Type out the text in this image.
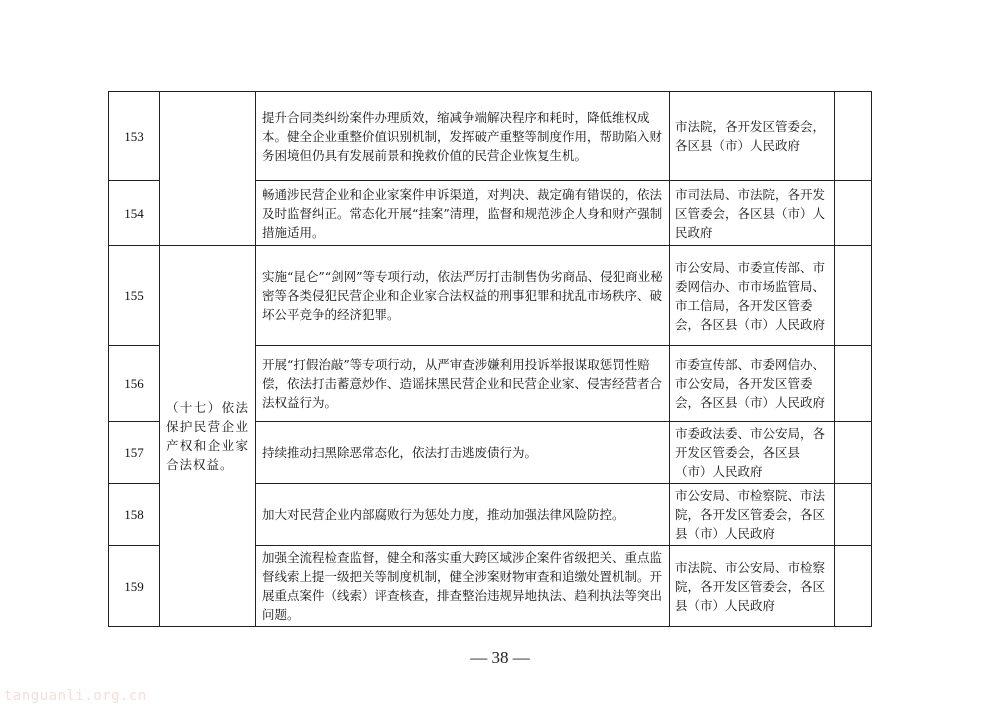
153		提升合同类纠纷案件办理质效，缩减争端解决程序和耗时，降低维权成本。健全企业重整价值识别机制，发挥破产重整等制度作用，帮助陷入财务困境但仍具有发展前景和挽救价值的民营企业恢复生机。	市法院，各开发区管委会，各区县（市）人民政府	
154		畅通涉民营企业和企业家案件申诉渠道，对判决、裁定确有错误的，依法及时监督纠正。常态化开展“挂案”清理，监督和规范涉企人身和财产强制措施适用。	市司法局、市法院，各开发区管委会，各区县（市）人民政府	
155	（十七）依法保护民营企业产权和企业家合法权益。	实施“昆仑”“剑网”等专项行动，依法严厉打击制售伪劣商品、侵犯商业秘密等各类侵犯民营企业和企业家合法权益的刑事犯罪和扰乱市场秩序、破坏公平竞争的经济犯罪。	市公安局、市委宣传部、市委网信办、市市场监管局、市工信局，各开发区管委会，各区县（市）人民政府	
156		开展“打假治敲”等专项行动，从严审查涉嫌利用投诉举报谋取惩罚性赔偿，依法打击蓄意炒作、造谣抹黑民营企业和民营企业家、侵害经营者合法权益行为。	市委宣传部、市委网信办、市公安局，各开发区管委会，各区县（市）人民政府	
157		持续推动扫黑除恶常态化，依法打击逃废债行为。	市委政法委、市公安局，各开发区管委会，各区县（市）人民政府	
158		加大对民营企业内部腐败行为惩处力度，推动加强法律风险防控。	市公安局、市检察院、市法院，各开发区管委会，各区县（市）人民政府	
159		加强全流程检查监督，健全和落实重大跨区域涉企案件省级把关、重点监督线索上提一级把关等制度机制，健全涉案财物审查和追缴处置机制。开展重点案件（线索）评查核查，排查整治违规异地执法、趋利执法等突出问题。	市法院、市公安局、市检察院，各开发区管委会，各区县（市）人民政府	
— 38 —
tanguanli.org.cn
